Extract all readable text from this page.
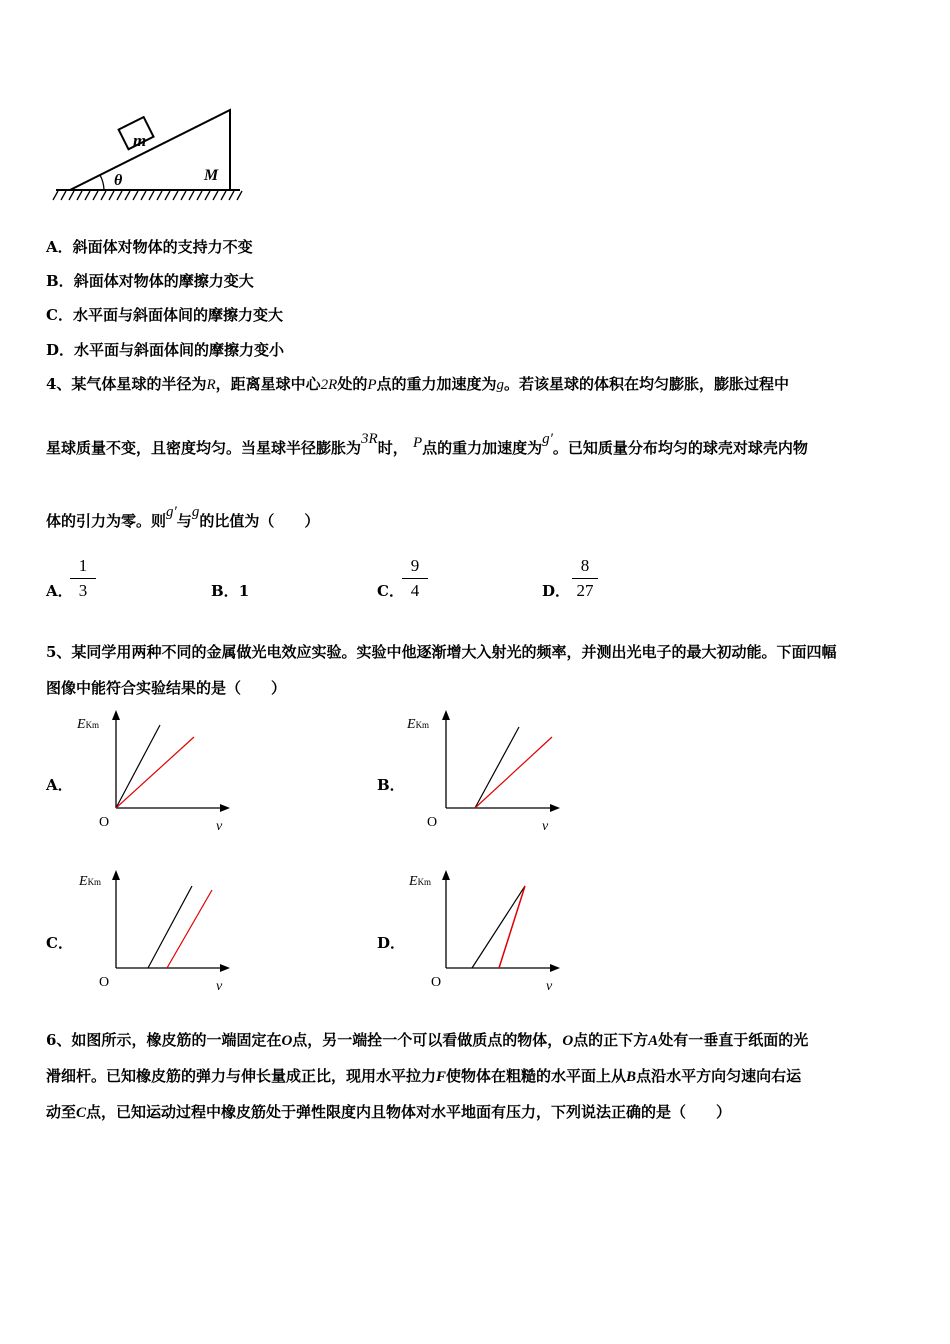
m
θ	M
A．斜面体对物体的支持力不变
B．斜面体对物体的摩擦力变大
C．水平面与斜面体间的摩擦力变大
D．水平面与斜面体间的摩擦力变小
4、某气体星球的半径为R，距离星球中心2R处的P点的重力加速度为g。若该星球的体积在均匀膨胀，膨胀过程中
星球质量不变，且密度均匀。当星球半径膨胀为3R时， P点的重力加速度为g′。已知质量分布均匀的球壳对球壳内物
体的引力为零。则g′与g的比值为（　　）
A．
1
3	B．1	C．
9
4	D．
8
27
5、某同学用两种不同的金属做光电效应实验。实验中他逐渐增大入射光的频率，并测出光电子的最大初动能。下面四幅
图像中能符合实验结果的是（　　）
A．	B．
C．	D．
EKm
O	ν
EKm
O	ν
EKm
O	ν
EKm
O	ν
6、如图所示，橡皮筋的一端固定在O点，另一端拴一个可以看做质点的物体，O点的正下方A处有一垂直于纸面的光
滑细杆。已知橡皮筋的弹力与伸长量成正比，现用水平拉力F使物体在粗糙的水平面上从B点沿水平方向匀速向右运
动至C点，已知运动过程中橡皮筋处于弹性限度内且物体对水平地面有压力，下列说法正确的是（　　）
